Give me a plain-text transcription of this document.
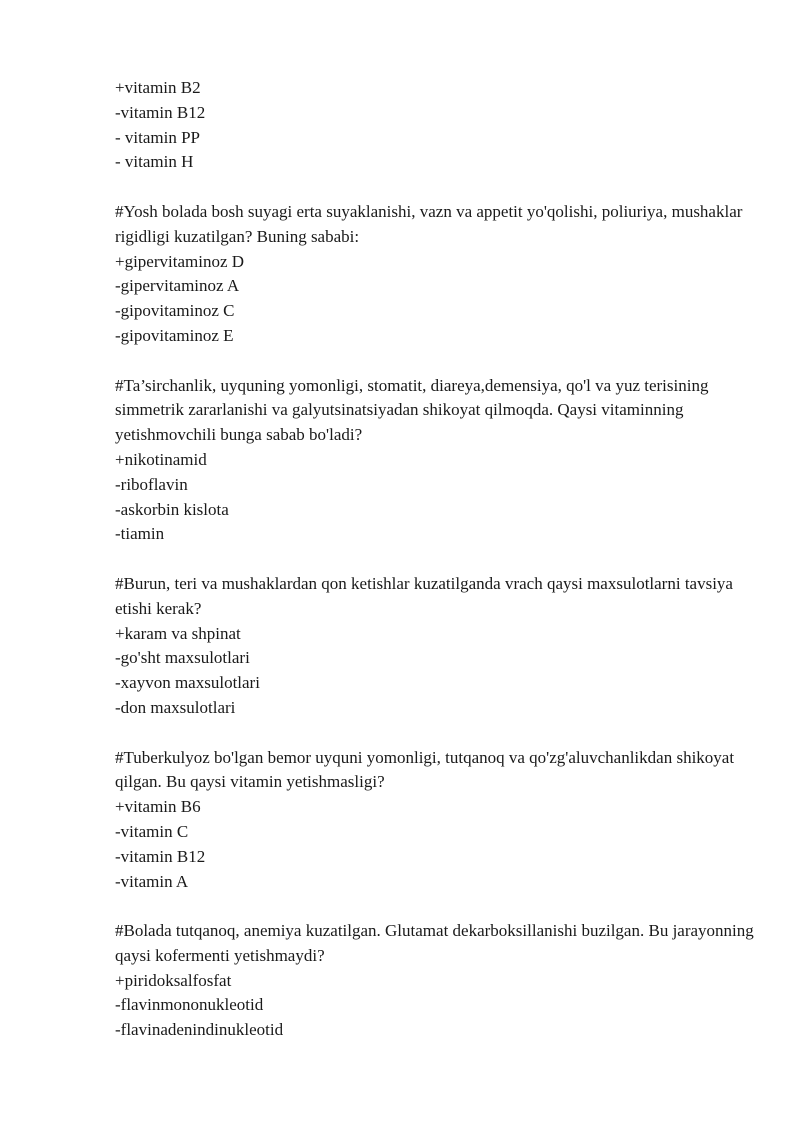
+vitamin B2
-vitamin B12
- vitamin PP
- vitamin H
#Yosh bolada bosh suyagi erta suyaklanishi, vazn va appetit yo'qolishi, poliuriya, mushaklar rigidligi kuzatilgan? Buning sababi:
+gipervitaminoz D
-gipervitaminoz A
-gipovitaminoz C
-gipovitaminoz E
#Ta’sirchanlik, uyquning yomonligi, stomatit, diareya,demensiya, qo'l va yuz terisining simmetrik zararlanishi va galyutsinatsiyadan shikoyat qilmoqda. Qaysi vitaminning yetishmovchili bunga sabab bo'ladi?
+nikotinamid
-riboflavin
-askorbin kislota
-tiamin
#Burun, teri va mushaklardan qon ketishlar kuzatilganda vrach qaysi maxsulotlarni tavsiya etishi kerak?
+karam va shpinat
-go'sht maxsulotlari
-xayvon maxsulotlari
-don maxsulotlari
#Tuberkulyoz bo'lgan bemor uyquni yomonligi, tutqanoq va qo'zg'aluvchanlikdan shikoyat qilgan. Bu qaysi vitamin yetishmasligi?
+vitamin B6
-vitamin C
-vitamin B12
-vitamin A
#Bolada tutqanoq, anemiya kuzatilgan. Glutamat dekarboksillanishi buzilgan. Bu jarayonning qaysi kofermenti yetishmaydi?
+piridoksalfosfat
-flavinmononukleotid
-flavinadenindinukleotid
